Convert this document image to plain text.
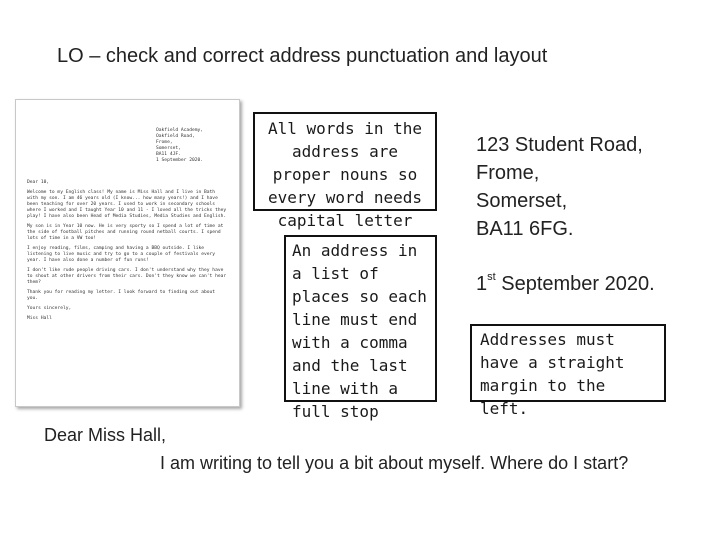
LO – check and correct address punctuation and layout
Oakfield Academy,
Oakfield Road,
Frome,
Somerset,
BA11 4JF.
1 September 2020.

Dear 10,

Welcome to my English class! My name is Miss Hall and I live in Bath with my son. I am 46 years old (I know... how many years!) and I have been teaching for over 20 years. I used to work in secondary schools where I worked and I taught Year 10 and 11 - I loved all the tricks they play! I have also been Head of Media Studies, Media Studies and English.

My son is in Year 10 now. He is very sporty so I spend a lot of time at the side of football pitches and running round netball courts. I spend lots of time in a VW too!

I enjoy reading, films, camping and having a BBQ outside. I like listening to live music and try to go to a couple of festivals every year. I have also done a number of fun runs!

I don't like rude people driving cars. I don't understand why they have to shout at other drivers from their cars. Don't they know we can't hear them?

Thank you for reading my letter. I look forward to finding out about you.

Yours sincerely,

Miss Hall

All words in the address are proper nouns so every word needs capital letter
An address in a list of places so each line must end with a comma and the last line with a full stop
Addresses must have a straight margin to the left.
123 Student Road,
Frome,
Somerset,
BA11 6FG.
1st September 2020.
Dear Miss Hall,
I am writing to tell you a bit about myself. Where do I start?
